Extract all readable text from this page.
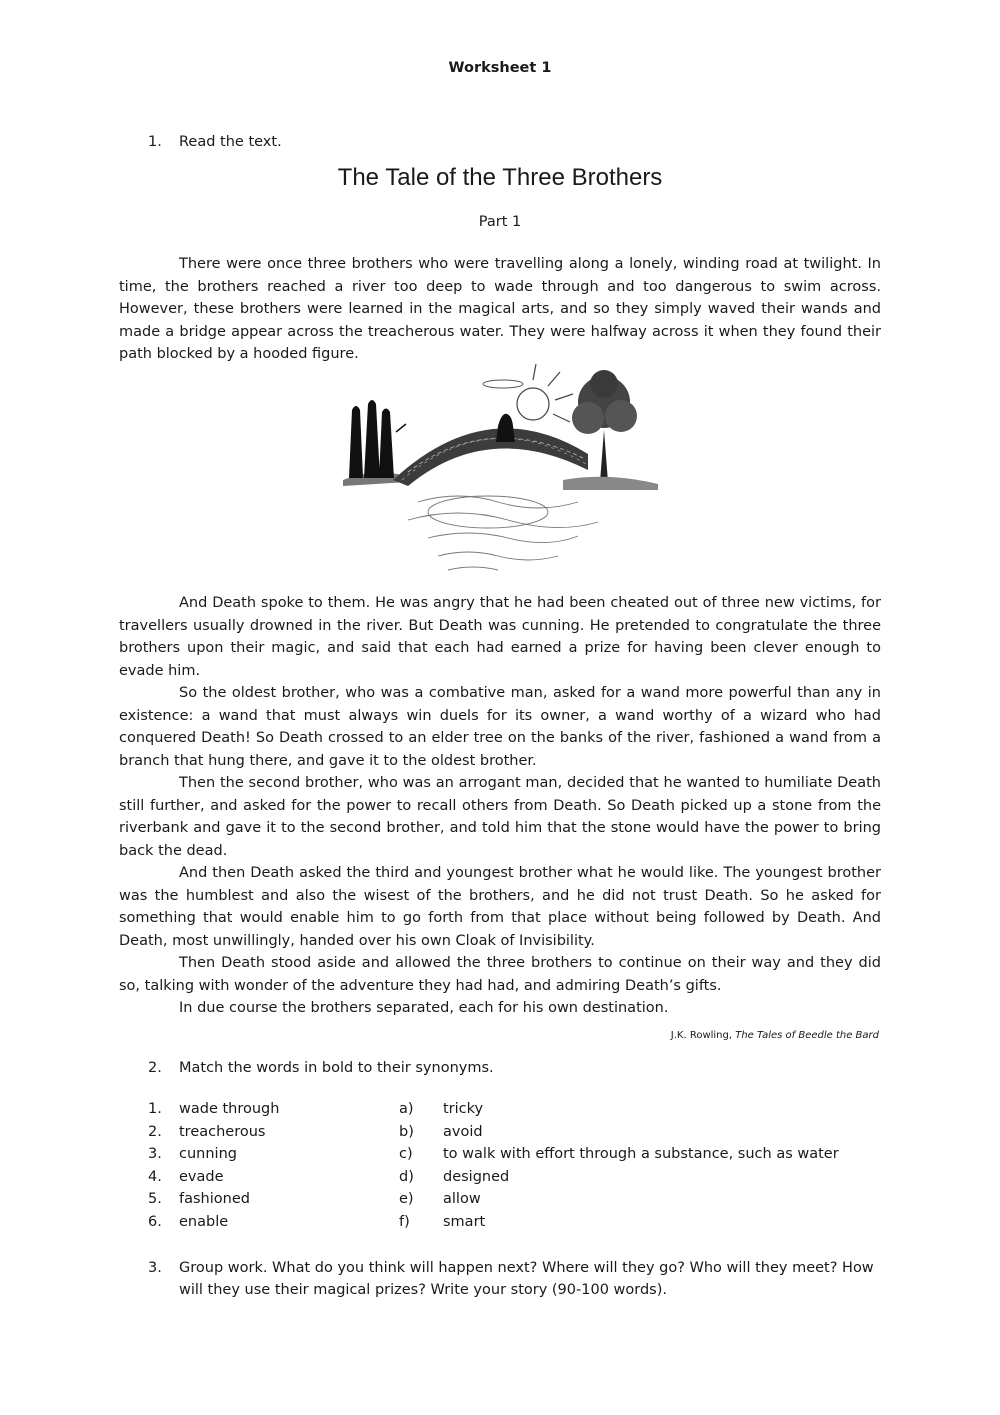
Worksheet 1
1. Read the text.
The Tale of the Three Brothers
Part 1

There were once three brothers who were travelling along a lonely, winding road at twilight. In time, the brothers reached a river too deep to wade through and too dangerous to swim across. However, these brothers were learned in the magical arts, and so they simply waved their wands and made a bridge appear across the treacherous water. They were halfway across it when they found their path blocked by a hooded figure.

And Death spoke to them. He was angry that he had been cheated out of three new victims, for travellers usually drowned in the river. But Death was cunning. He pretended to congratulate the three brothers upon their magic, and said that each had earned a prize for having been clever enough to evade him.

So the oldest brother, who was a combative man, asked for a wand more powerful than any in existence: a wand that must always win duels for its owner, a wand worthy of a wizard who had conquered Death! So Death crossed to an elder tree on the banks of the river, fashioned a wand from a branch that hung there, and gave it to the oldest brother.

Then the second brother, who was an arrogant man, decided that he wanted to humiliate Death still further, and asked for the power to recall others from Death. So Death picked up a stone from the riverbank and gave it to the second brother, and told him that the stone would have the power to bring back the dead.

And then Death asked the third and youngest brother what he would like. The youngest brother was the humblest and also the wisest of the brothers, and he did not trust Death. So he asked for something that would enable him to go forth from that place without being followed by Death. And Death, most unwillingly, handed over his own Cloak of Invisibility.

Then Death stood aside and allowed the three brothers to continue on their way and they did so, talking with wonder of the adventure they had had, and admiring Death’s gifts.

In due course the brothers separated, each for his own destination.

J.K. Rowling, The Tales of Beedle the Bard
2. Match the words in bold to their synonyms.
1. wade through	a) tricky
2. treacherous	b) avoid
3. cunning	c) to walk with effort through a substance, such as water
4. evade	d) designed
5. fashioned	e) allow
6. enable	f) smart
3. Group work. What do you think will happen next? Where will they go? Who will they meet? How will they use their magical prizes? Write your story (90-100 words).
